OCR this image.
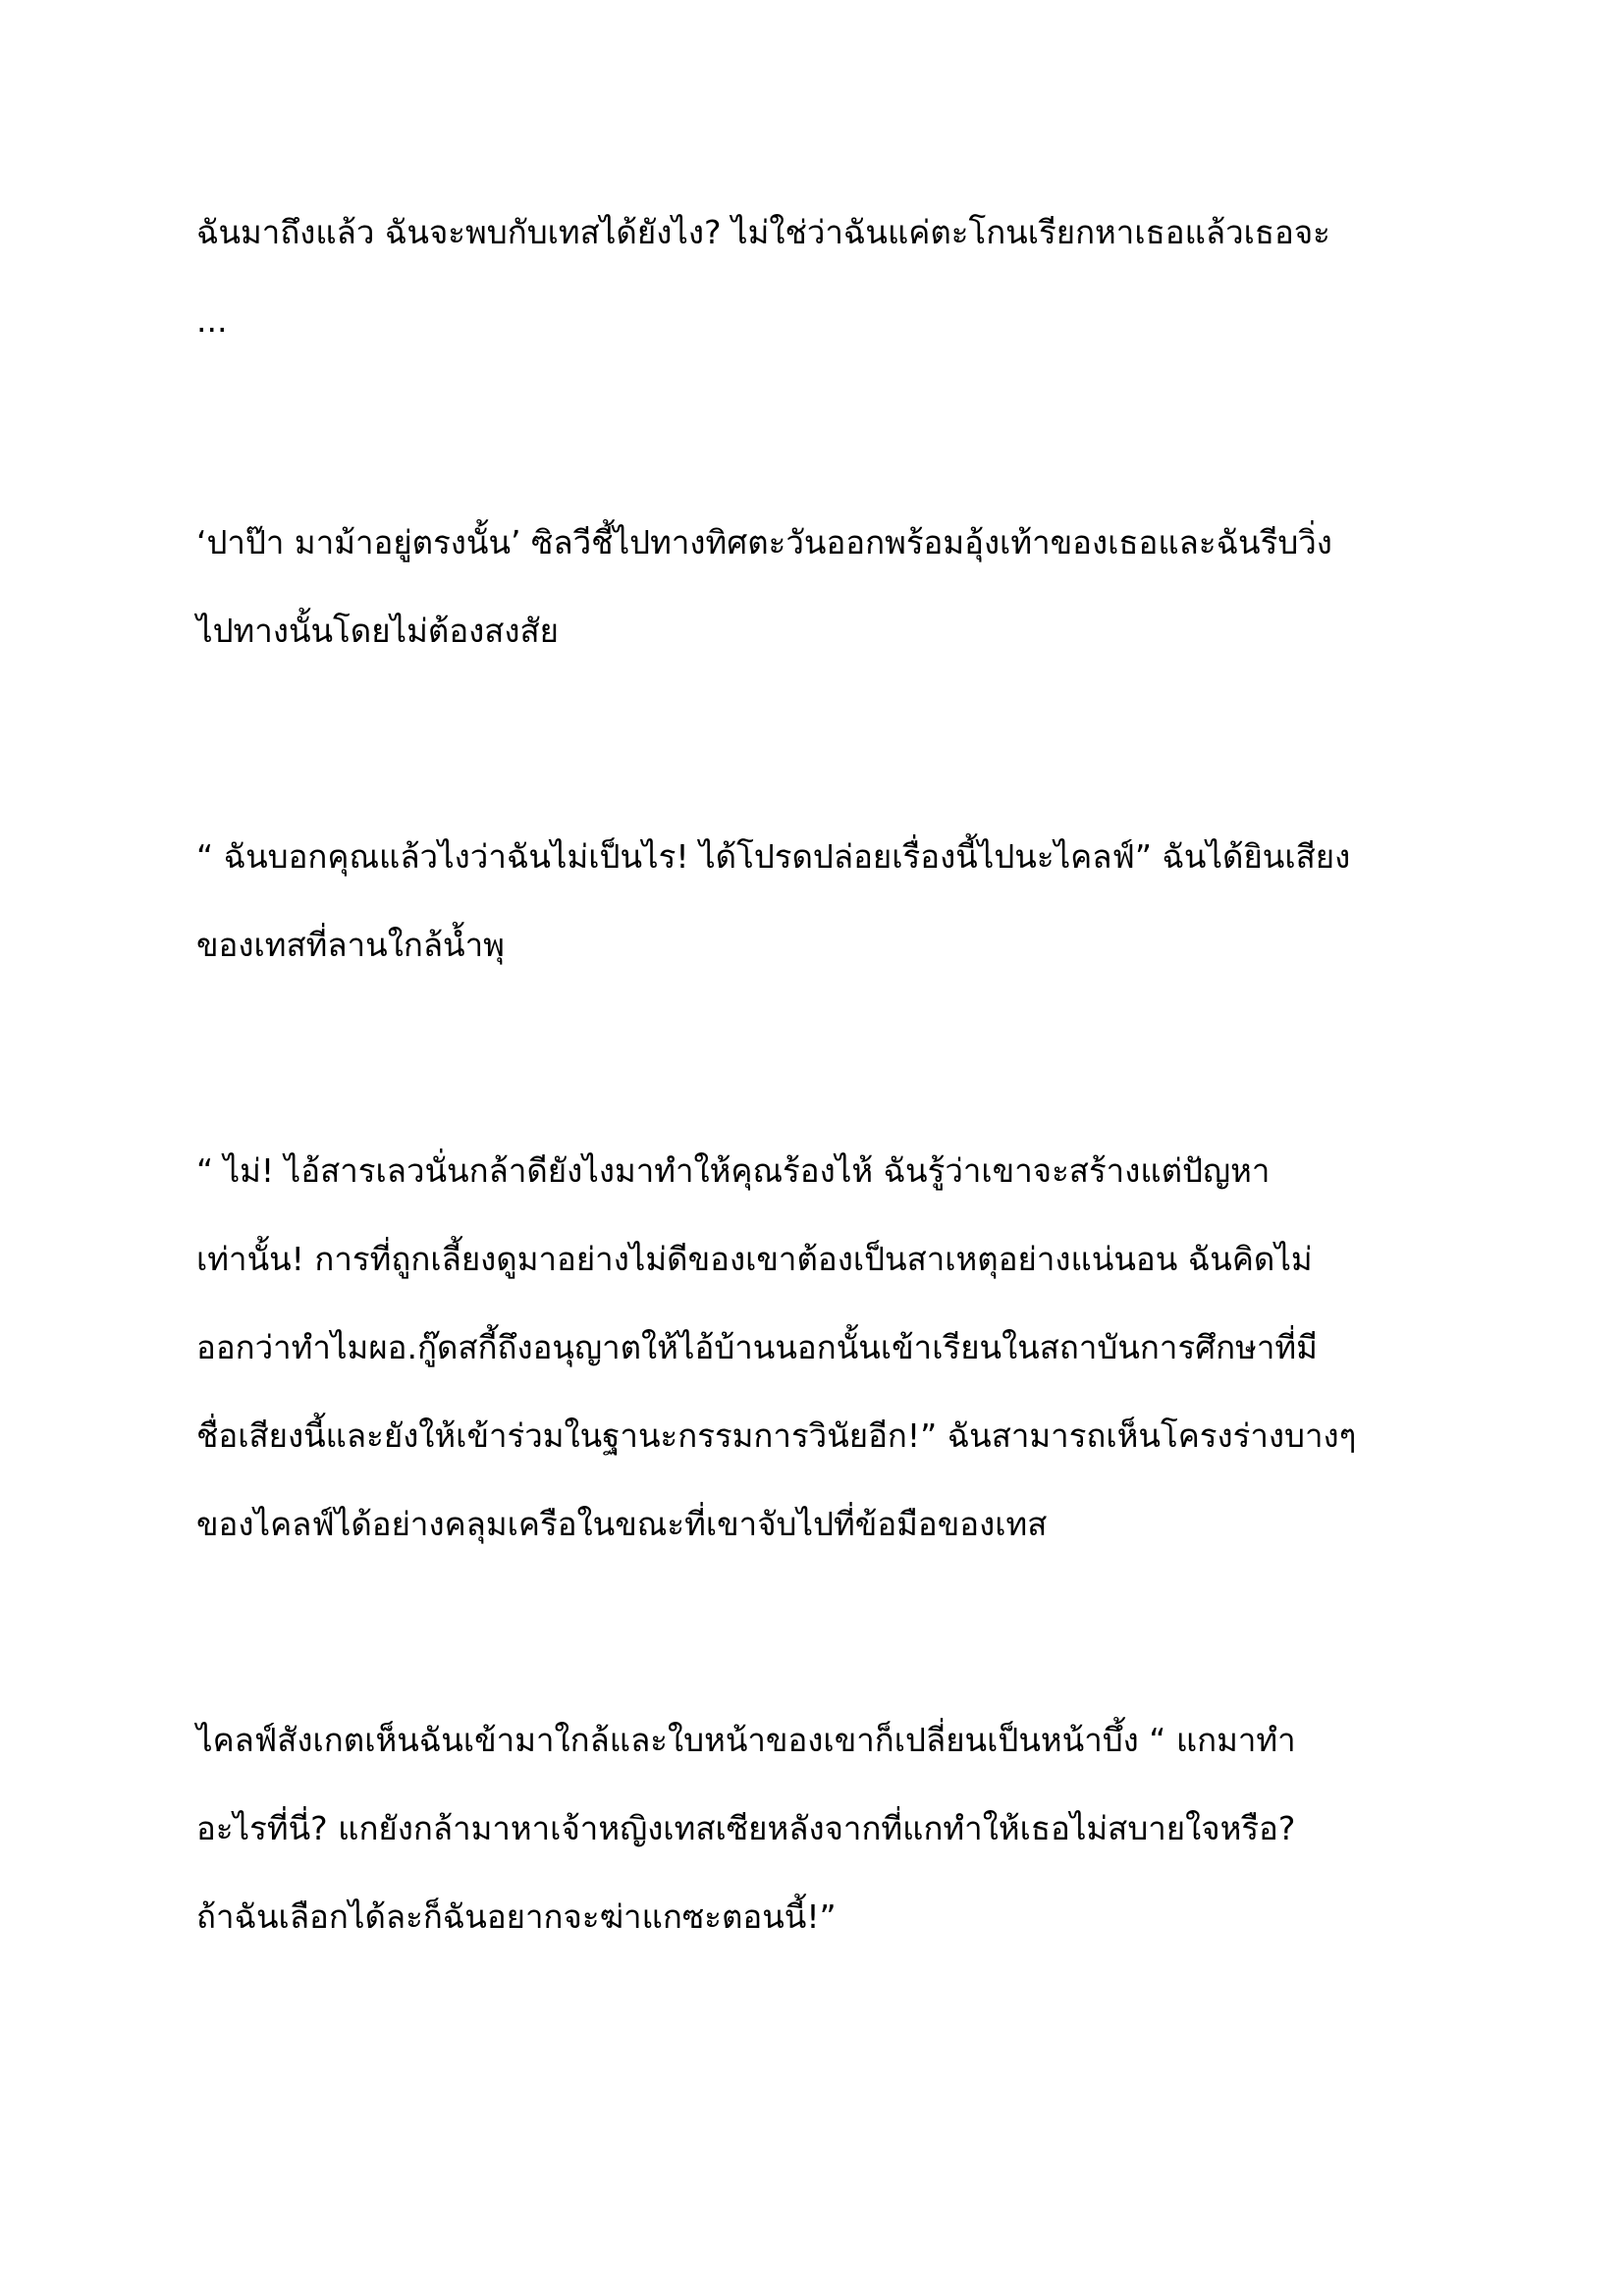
ฉันมาถึงแล้ว ฉันจะพบกับเทสได้ยังไง? ไม่ใช่ว่าฉันแค่ตะโกนเรียกหาเธอแล้วเธอจะ
...

‘ปาป๊า มาม้าอยู่ตรงนั้น’ ซิลวีชี้ไปทางทิศตะวันออกพร้อมอุ้งเท้าของเธอและฉันรีบวิ่ง
ไปทางนั้นโดยไม่ต้องสงสัย

“ ฉันบอกคุณแล้วไงว่าฉันไม่เป็นไร! ได้โปรดปล่อยเรื่องนี้ไปนะไคลฟ์” ฉันได้ยินเสียง
ของเทสที่ลานใกล้น้ำพุ

“ ไม่! ไอ้สารเลวนั่นกล้าดียังไงมาทำให้คุณร้องไห้ ฉันรู้ว่าเขาจะสร้างแต่ปัญหา
เท่านั้น! การที่ถูกเลี้ยงดูมาอย่างไม่ดีของเขาต้องเป็นสาเหตุอย่างแน่นอน ฉันคิดไม่
ออกว่าทำไมผอ.กู๊ดสกี้ถึงอนุญาตให้ไอ้บ้านนอกนั้นเข้าเรียนในสถาบันการศึกษาที่มี
ชื่อเสียงนี้และยังให้เข้าร่วมในฐานะกรรมการวินัยอีก!” ฉันสามารถเห็นโครงร่างบางๆ
ของไคลฟ์ได้อย่างคลุมเครือในขณะที่เขาจับไปที่ข้อมือของเทส

ไคลฟ์สังเกตเห็นฉันเข้ามาใกล้และใบหน้าของเขาก็เปลี่ยนเป็นหน้าบึ้ง “ แกมาทำ
อะไรที่นี่? แกยังกล้ามาหาเจ้าหญิงเทสเซียหลังจากที่แกทำให้เธอไม่สบายใจหรือ?
ถ้าฉันเลือกได้ละก็ฉันอยากจะฆ่าแกซะตอนนี้!”
